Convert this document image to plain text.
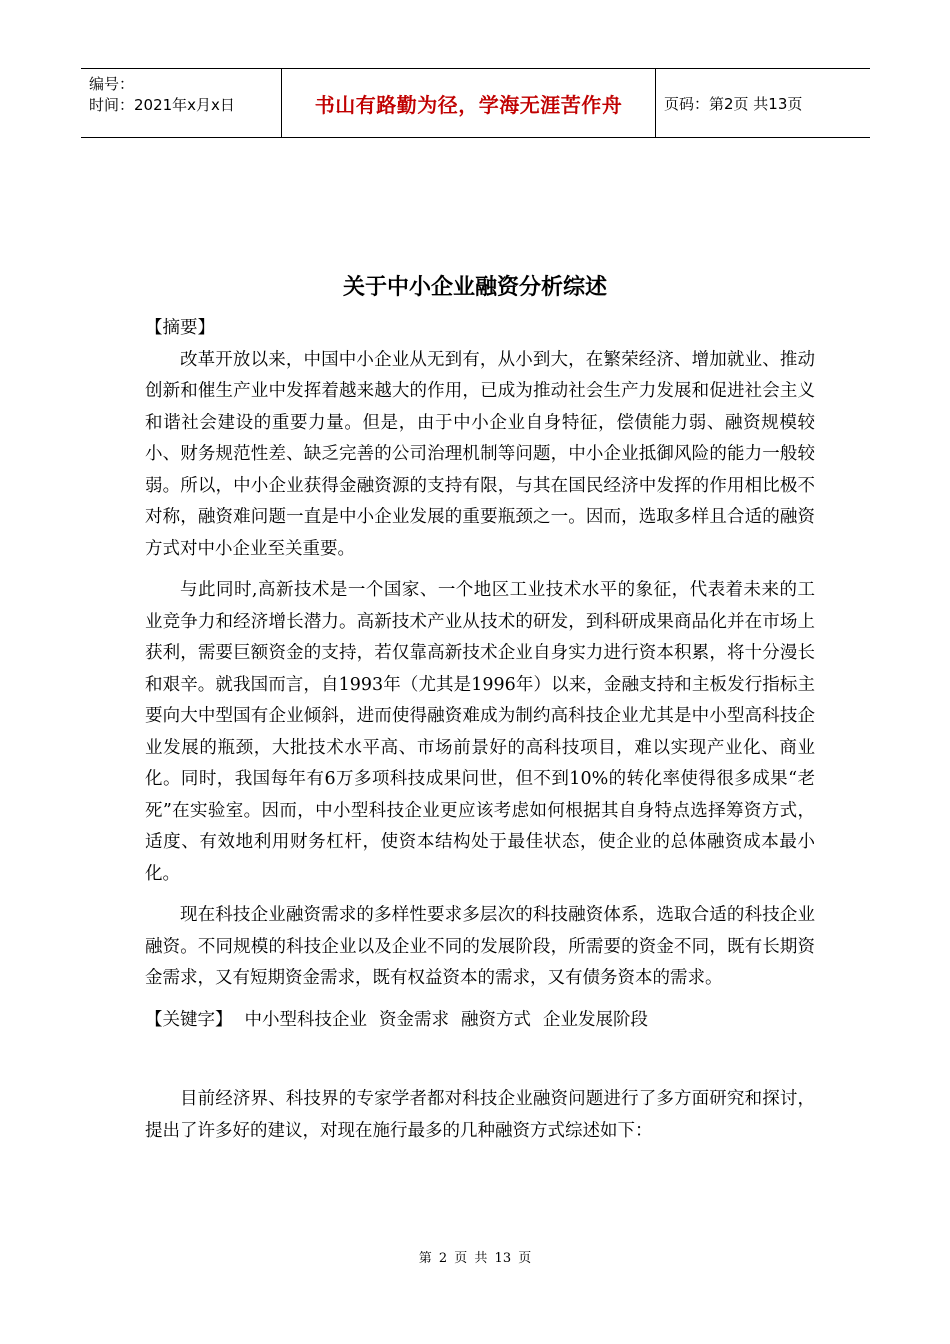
编号：
时间：2021年x月x日	书山有路勤为径，学海无涯苦作舟	页码：第2页 共13页
关于中小企业融资分析综述

【摘要】

改革开放以来，中国中小企业从无到有，从小到大，在繁荣经济、增加就业、推动创新和催生产业中发挥着越来越大的作用，已成为推动社会生产力发展和促进社会主义和谐社会建设的重要力量。但是，由于中小企业自身特征，偿债能力弱、融资规模较小、财务规范性差、缺乏完善的公司治理机制等问题，中小企业抵御风险的能力一般较弱。所以，中小企业获得金融资源的支持有限，与其在国民经济中发挥的作用相比极不对称，融资难问题一直是中小企业发展的重要瓶颈之一。因而，选取多样且合适的融资方式对中小企业至关重要。

与此同时,高新技术是一个国家、一个地区工业技术水平的象征，代表着未来的工业竞争力和经济增长潜力。高新技术产业从技术的研发，到科研成果商品化并在市场上获利，需要巨额资金的支持，若仅靠高新技术企业自身实力进行资本积累，将十分漫长和艰辛。就我国而言，自1993年（尤其是1996年）以来，金融支持和主板发行指标主要向大中型国有企业倾斜，进而使得融资难成为制约高科技企业尤其是中小型高科技企业发展的瓶颈，大批技术水平高、市场前景好的高科技项目，难以实现产业化、商业化。同时，我国每年有6万多项科技成果问世，但不到10%的转化率使得很多成果“老死”在实验室。因而，中小型科技企业更应该考虑如何根据其自身特点选择筹资方式，适度、有效地利用财务杠杆，使资本结构处于最佳状态，使企业的总体融资成本最小化。

现在科技企业融资需求的多样性要求多层次的科技融资体系，选取合适的科技企业融资。不同规模的科技企业以及企业不同的发展阶段，所需要的资金不同，既有长期资金需求，又有短期资金需求，既有权益资本的需求，又有债务资本的需求。

【关键字】 中小型科技企业 资金需求 融资方式 企业发展阶段

目前经济界、科技界的专家学者都对科技企业融资问题进行了多方面研究和探讨，提出了许多好的建议，对现在施行最多的几种融资方式综述如下：

第 2 页 共 13 页
